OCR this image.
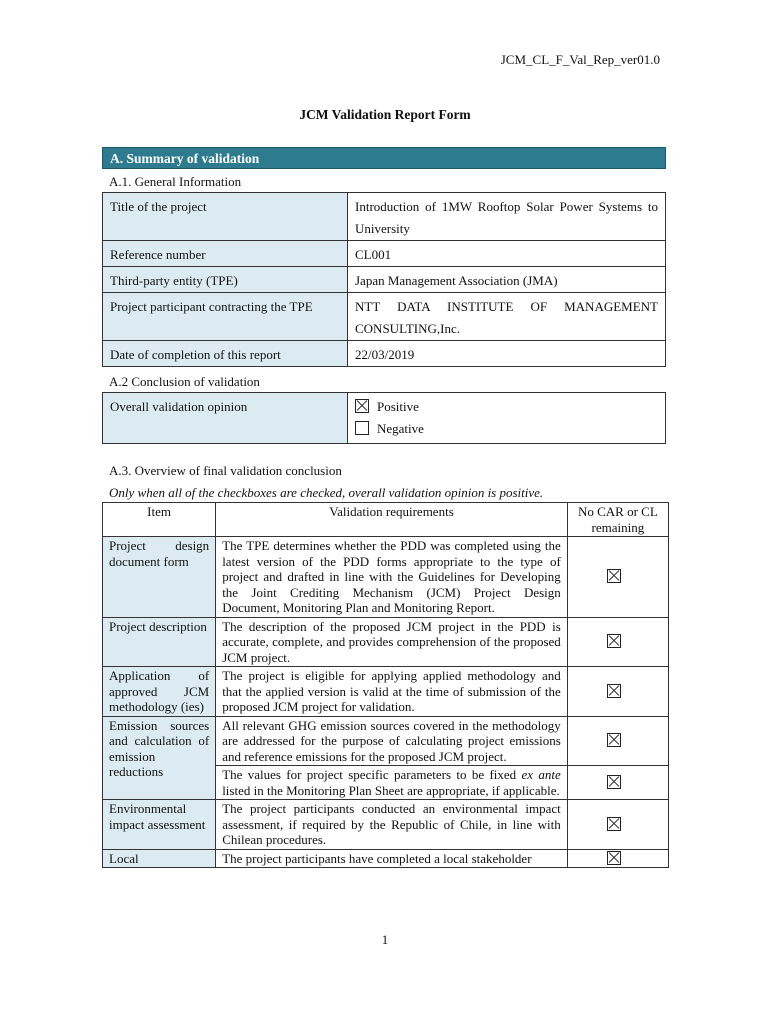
JCM_CL_F_Val_Rep_ver01.0
JCM Validation Report Form
A. Summary of validation
A.1. General Information
Title of the project	Introduction of 1MW Rooftop Solar Power Systems to University
Reference number	CL001
Third-party entity (TPE)	Japan Management Association (JMA)
Project participant contracting the TPE	NTT DATA INSTITUTE OF MANAGEMENT CONSULTING,Inc.
Date of completion of this report	22/03/2019
A.2 Conclusion of validation
Overall validation opinion	Positive
Negative
A.3. Overview of final validation conclusion
Only when all of the checkboxes are checked, overall validation opinion is positive.
Item	Validation requirements	No CAR or CL remaining
Project design document form	The TPE determines whether the PDD was completed using the latest version of the PDD forms appropriate to the type of project and drafted in line with the Guidelines for Developing the Joint Crediting Mechanism (JCM) Project Design Document, Monitoring Plan and Monitoring Report.	
Project description	The description of the proposed JCM project in the PDD is accurate, complete, and provides comprehension of the proposed JCM project.	
Application of approved JCM methodology (ies)	The project is eligible for applying applied methodology and that the applied version is valid at the time of submission of the proposed JCM project for validation.	
Emission sources and calculation of emission reductions	All relevant GHG emission sources covered in the methodology are addressed for the purpose of calculating project emissions and reference emissions for the proposed JCM project.	
	The values for project specific parameters to be fixed ex ante listed in the Monitoring Plan Sheet are appropriate, if applicable.	
Environmental impact assessment	The project participants conducted an environmental impact assessment, if required by the Republic of Chile, in line with Chilean procedures.	
Local	The project participants have completed a local stakeholder	
1
